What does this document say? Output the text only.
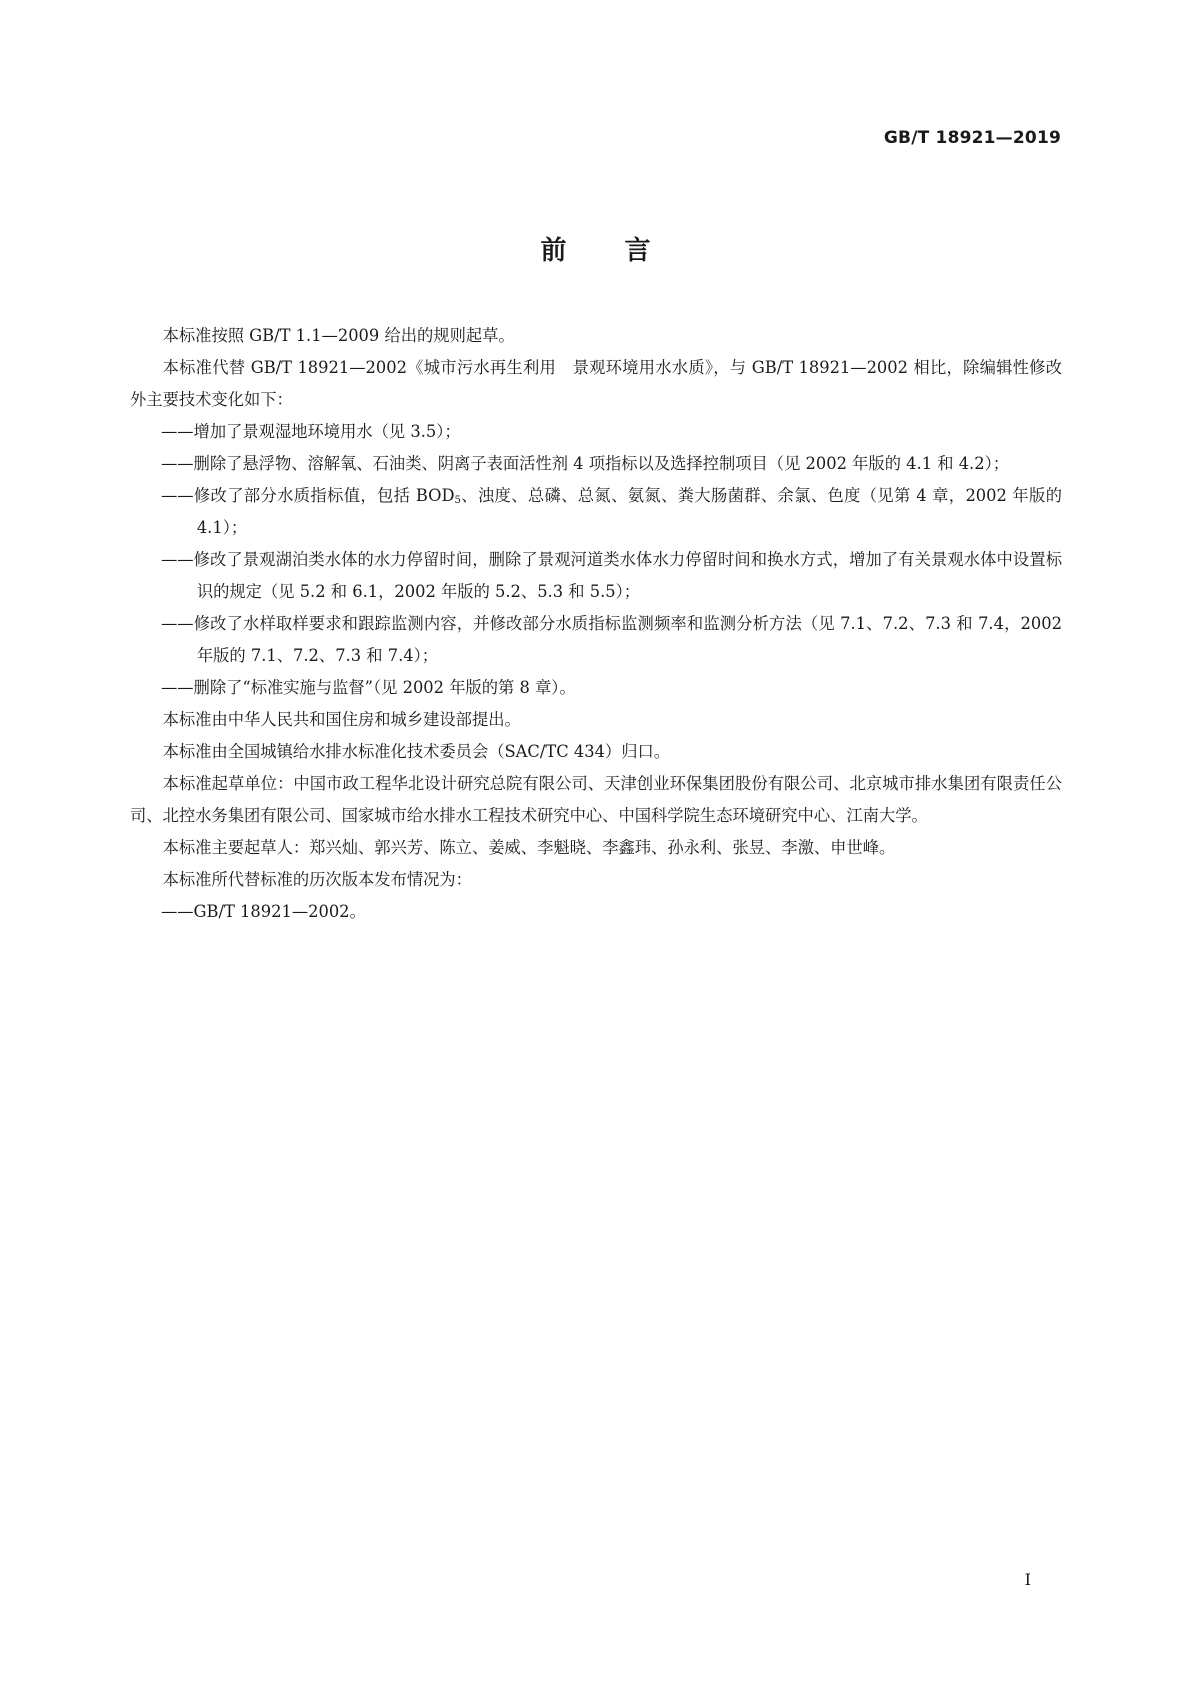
GB/T 18921—2019
前言

本标准按照 GB/T 1.1—2009 给出的规则起草。

本标准代替 GB/T 18921—2002《城市污水再生利用　景观环境用水水质》，与 GB/T 18921—2002 相比，除编辑性修改外主要技术变化如下：

——增加了景观湿地环境用水（见 3.5）；

——删除了悬浮物、溶解氧、石油类、阴离子表面活性剂 4 项指标以及选择控制项目（见 2002 年版的 4.1 和 4.2）；

——修改了部分水质指标值，包括 $BOD_5$、浊度、总磷、总氮、氨氮、粪大肠菌群、余氯、色度（见第 4 章，2002 年版的 4.1）；

——修改了景观湖泊类水体的水力停留时间，删除了景观河道类水体水力停留时间和换水方式，增加了有关景观水体中设置标识的规定（见 5.2 和 6.1，2002 年版的 5.2、5.3 和 5.5）；

——修改了水样取样要求和跟踪监测内容，并修改部分水质指标监测频率和监测分析方法（见 7.1、7.2、7.3 和 7.4，2002 年版的 7.1、7.2、7.3 和 7.4）；

——删除了“标准实施与监督”（见 2002 年版的第 8 章）。

本标准由中华人民共和国住房和城乡建设部提出。

本标准由全国城镇给水排水标准化技术委员会（SAC/TC 434）归口。

本标准起草单位：中国市政工程华北设计研究总院有限公司、天津创业环保集团股份有限公司、北京城市排水集团有限责任公司、北控水务集团有限公司、国家城市给水排水工程技术研究中心、中国科学院生态环境研究中心、江南大学。

本标准主要起草人：郑兴灿、郭兴芳、陈立、姜威、李魁晓、李鑫玮、孙永利、张昱、李激、申世峰。

本标准所代替标准的历次版本发布情况为：

——GB/T 18921—2002。

I
